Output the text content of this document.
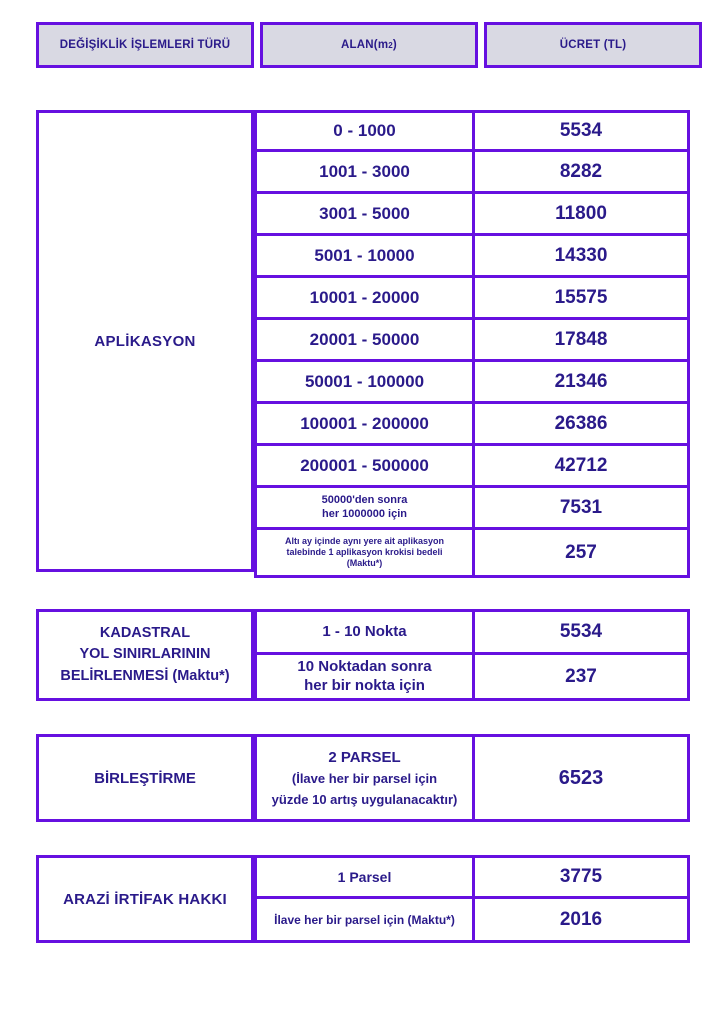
DEĞİŞİKLİK İŞLEMLERİ TÜRÜ	ALAN(m 2 )	ÜCRET (TL)
APLİKASYON
0 - 1000
1001 - 3000
3001 - 5000
5001 - 10000
10001 - 20000
20001 - 50000
50001 - 100000
100001 - 200000
200001 - 500000
50000'den sonra
her 1000000 için
Altı ay içinde aynı yere ait aplikasyon
talebinde 1 aplikasyon krokisi bedeli
(Maktu*)
5534
8282
11800
14330
15575
17848
21346
26386
42712
7531
257
KADASTRAL
YOL SINIRLARININ
BELİRLENMESİ (Maktu*)
1 - 10 Nokta
10 Noktadan sonra
her bir nokta için
5534
237
BİRLEŞTİRME
2 PARSEL
(İlave her bir parsel için
yüzde 10 artış uygulanacaktır)
6523
ARAZİ İRTİFAK HAKKI
1 Parsel
İlave her bir parsel için (Maktu*)
3775
2016
